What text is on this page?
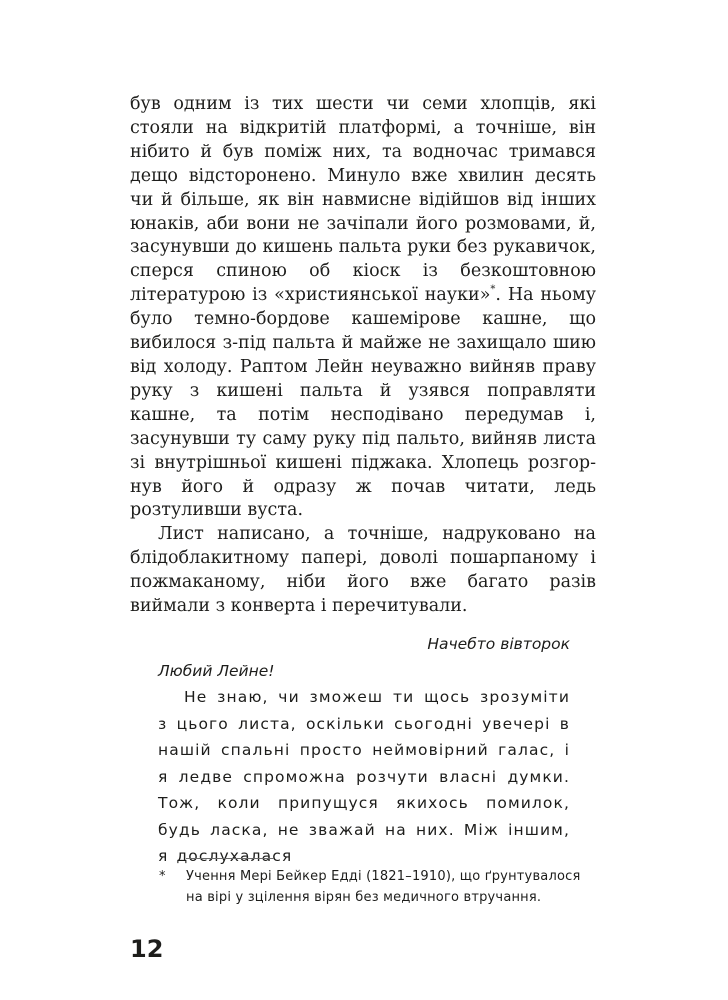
був одним із тих шести чи семи хлопців, які стояли на відкритій платформі, а точніше, він нібито й був поміж них, та водночас тримався дещо відсторонено. Минуло вже хвилин десять чи й більше, як він навмисне відійшов від інших юнаків, аби вони не зачіпали його розмовами, й, засунувши до кишень пальта руки без рукавичок, сперся спиною об кіоск із безкоштовною літературою із «християнської науки»*. На ньому було темно-бордове кашемірове кашне, що вибилося з-під пальта й майже не захищало шию від холоду. Раптом Лейн неуважно вийняв праву руку з кишені пальта й узявся поправляти кашне, та потім несподівано передумав і, засунувши ту саму руку під пальто, вийняв листа зі внутрішньої кишені піджака. Хлопець розгорнув його й одразу ж почав читати, ледь розтуливши вуста.

Лист написано, а точніше, надруковано на блідоблакитному папері, доволі пошарпаному і пожмаканому, ніби його вже багато разів виймали з конверта і перечитували.

Начебто вівторок

Любий Лейне!

Не знаю, чи зможеш ти щось зрозуміти з цього листа, оскільки сьогодні увечері в нашій спальні просто неймовірний галас, і я ледве спроможна розчути власні думки. Тож, коли припущуся якихось помилок, будь ласка, не зважай на них. Між іншим, я дослухалася

* Учення Мері Бейкер Едді (1821–1910), що ґрунтувалося на вірі у зцілення вірян без медичного втручання.
12
